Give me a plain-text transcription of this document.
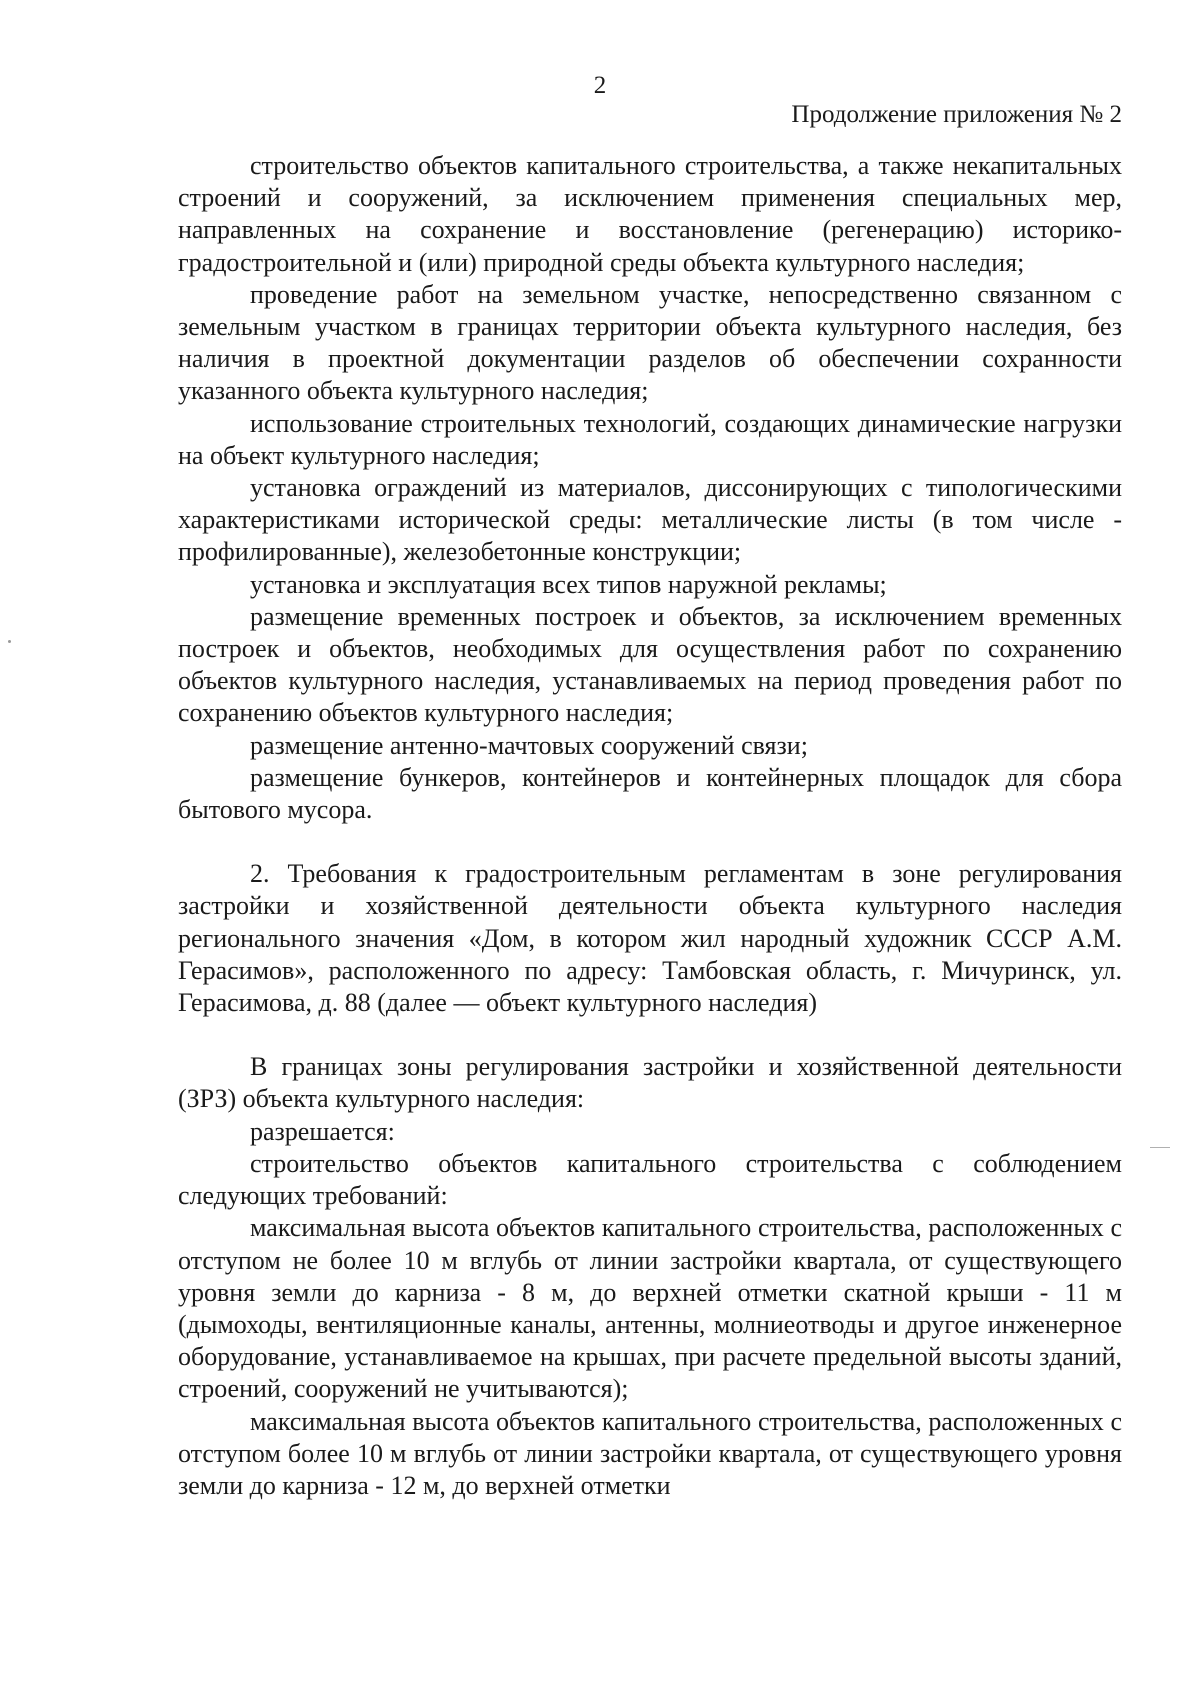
2
Продолжение приложения № 2

строительство объектов капитального строительства, а также некапитальных строений и сооружений, за исключением применения специальных мер, направленных на сохранение и восстановление (регенерацию) историко-градостроительной и (или) природной среды объекта культурного наследия;

проведение работ на земельном участке, непосредственно связанном с земельным участком в границах территории объекта культурного наследия, без наличия в проектной документации разделов об обеспечении сохранности указанного объекта культурного наследия;

использование строительных технологий, создающих динамические нагрузки на объект культурного наследия;

установка ограждений из материалов, диссонирующих с типологическими характеристиками исторической среды: металлические листы (в том числе - профилированные), железобетонные конструкции;

установка и эксплуатация всех типов наружной рекламы;

размещение временных построек и объектов, за исключением временных построек и объектов, необходимых для осуществления работ по сохранению объектов культурного наследия, устанавливаемых на период проведения работ по сохранению объектов культурного наследия;

размещение антенно-мачтовых сооружений связи;

размещение бункеров, контейнеров и контейнерных площадок для сбора бытового мусора.

2. Требования к градостроительным регламентам в зоне регулирования застройки и хозяйственной деятельности объекта культурного наследия регионального значения «Дом, в котором жил народный художник СССР А.М. Герасимов», расположенного по адресу: Тамбовская область, г. Мичуринск, ул. Герасимова, д. 88 (далее — объект культурного наследия)

В границах зоны регулирования застройки и хозяйственной деятельности (ЗРЗ) объекта культурного наследия:

разрешается:

строительство объектов капитального строительства с соблюдением следующих требований:

максимальная высота объектов капитального строительства, расположенных с отступом не более 10 м вглубь от линии застройки квартала, от существующего уровня земли до карниза - 8 м, до верхней отметки скатной крыши - 11 м (дымоходы, вентиляционные каналы, антенны, молниеотводы и другое инженерное оборудование, устанавливаемое на крышах, при расчете предельной высоты зданий, строений, сооружений не учитываются);

максимальная высота объектов капитального строительства, расположенных с отступом более 10 м вглубь от линии застройки квартала, от существующего уровня земли до карниза - 12 м, до верхней отметки
